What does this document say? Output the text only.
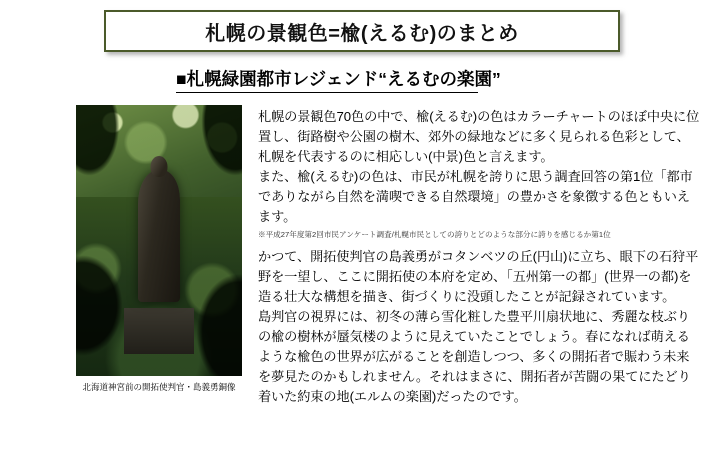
札幌の景観色=楡(えるむ)のまとめ
■札幌緑園都市レジェンド“えるむの楽園”
北海道神宮前の開拓使判官・島義勇銅像

札幌の景観色70色の中で、楡(えるむ)の色はカラーチャートのほぼ中央に位置し、街路樹や公園の樹木、郊外の緑地などに多く見られる色彩として、札幌を代表するのに相応しい(中景)色と言えます。

また、楡(えるむ)の色は、市民が札幌を誇りに思う調査回答の第1位「都市でありながら自然を満喫できる自然環境」の豊かさを象徴する色ともいえます。

※平成27年度第2回市民アンケート調査/札幌市民としての誇りとどのような部分に誇りを感じるか第1位

かつて、開拓使判官の島義勇がコタンベツの丘(円山)に立ち、眼下の石狩平野を一望し、ここに開拓使の本府を定め、「五州第一の都」(世界一の都)を造る壮大な構想を描き、街づくりに没頭したことが記録されています。

島判官の視界には、初冬の薄ら雪化粧した豊平川扇状地に、秀麗な枝ぶりの楡の樹林が蜃気楼のように見えていたことでしょう。春になれば萌えるような楡色の世界が広がることを創造しつつ、多くの開拓者で賑わう未来を夢見たのかもしれません。それはまさに、開拓者が苦闘の果てにたどり着いた約束の地(エルムの楽園)だったのです。
